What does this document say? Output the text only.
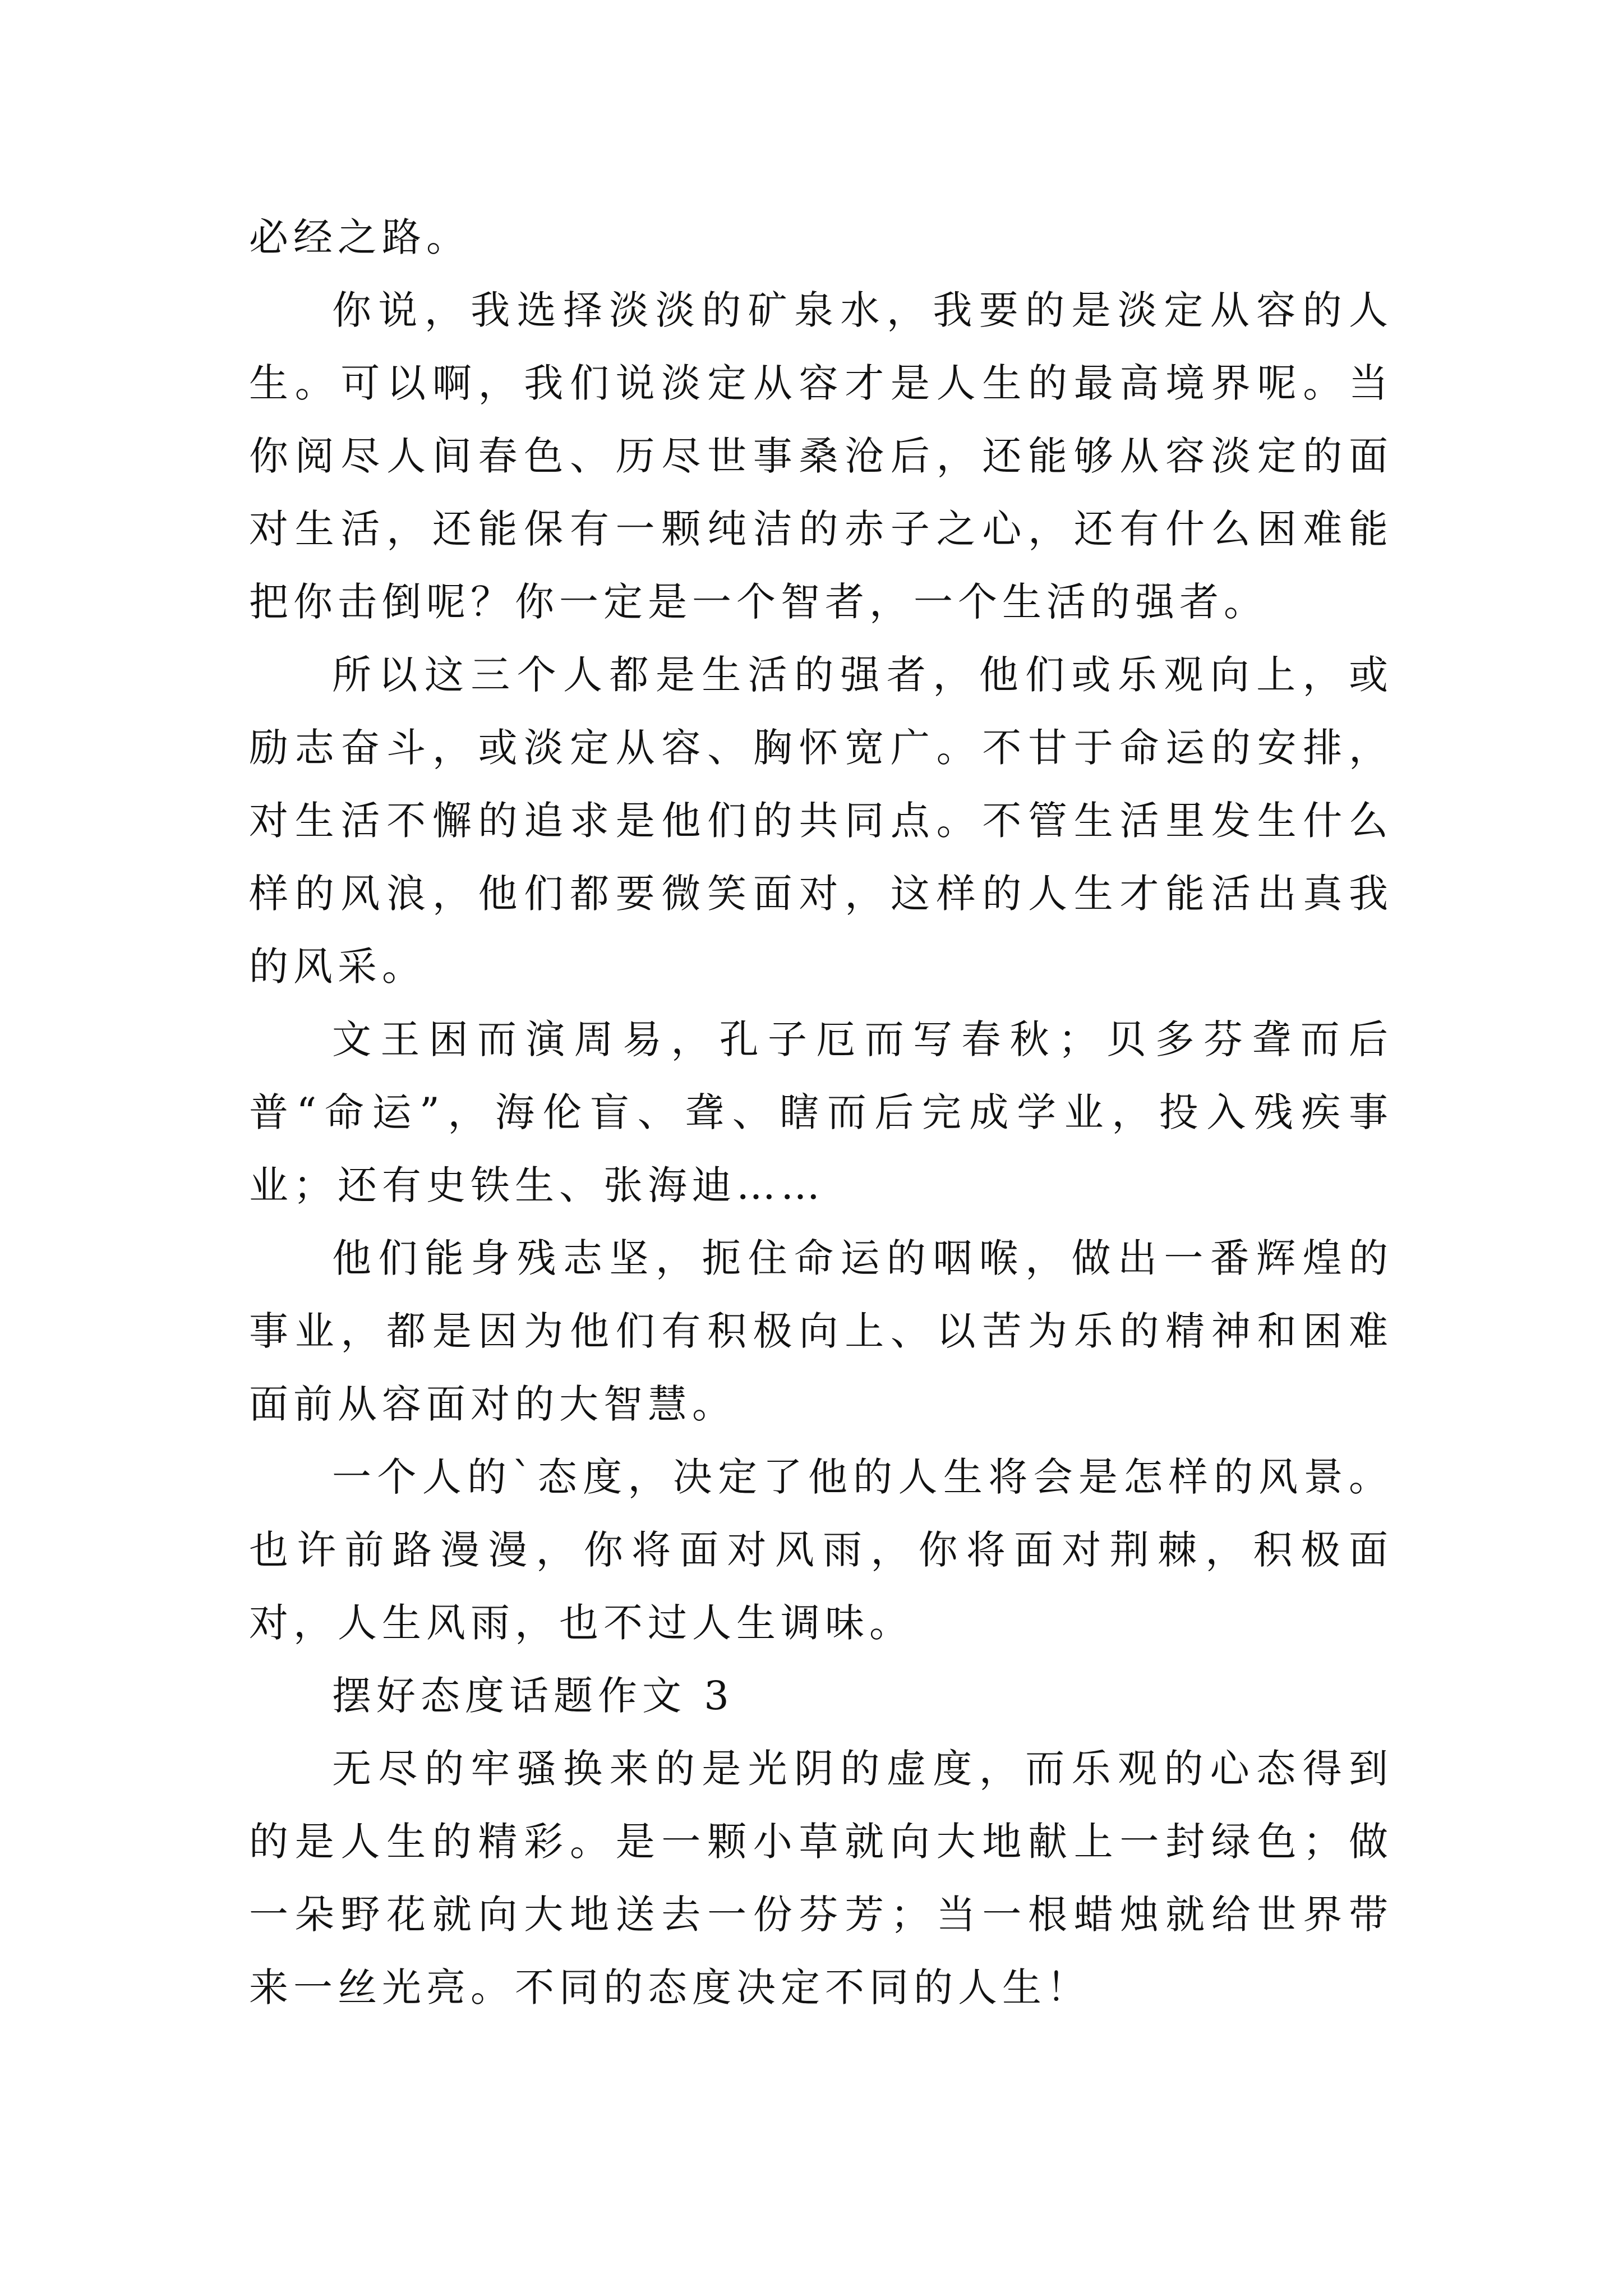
必经之路。

你说，我选择淡淡的矿泉水，我要的是淡定从容的人生。可以啊，我们说淡定从容才是人生的最高境界呢。当你阅尽人间春色、历尽世事桑沧后，还能够从容淡定的面对生活，还能保有一颗纯洁的赤子之心，还有什么困难能把你击倒呢？你一定是一个智者，一个生活的强者。

所以这三个人都是生活的强者，他们或乐观向上，或励志奋斗，或淡定从容、胸怀宽广。不甘于命运的安排，对生活不懈的追求是他们的共同点。不管生活里发生什么样的风浪，他们都要微笑面对，这样的人生才能活出真我的风采。

文王困而演周易，孔子厄而写春秋；贝多芬聋而后普“命运”，海伦盲、聋、瞎而后完成学业，投入残疾事业；还有史铁生、张海迪……

他们能身残志坚，扼住命运的咽喉，做出一番辉煌的事业，都是因为他们有积极向上、以苦为乐的精神和困难面前从容面对的大智慧。

一个人的`态度，决定了他的人生将会是怎样的风景。也许前路漫漫，你将面对风雨，你将面对荆棘，积极面对，人生风雨，也不过人生调味。

摆好态度话题作文 3

无尽的牢骚换来的是光阴的虚度，而乐观的心态得到的是人生的精彩。是一颗小草就向大地献上一封绿色；做一朵野花就向大地送去一份芬芳；当一根蜡烛就给世界带来一丝光亮。不同的态度决定不同的人生！
